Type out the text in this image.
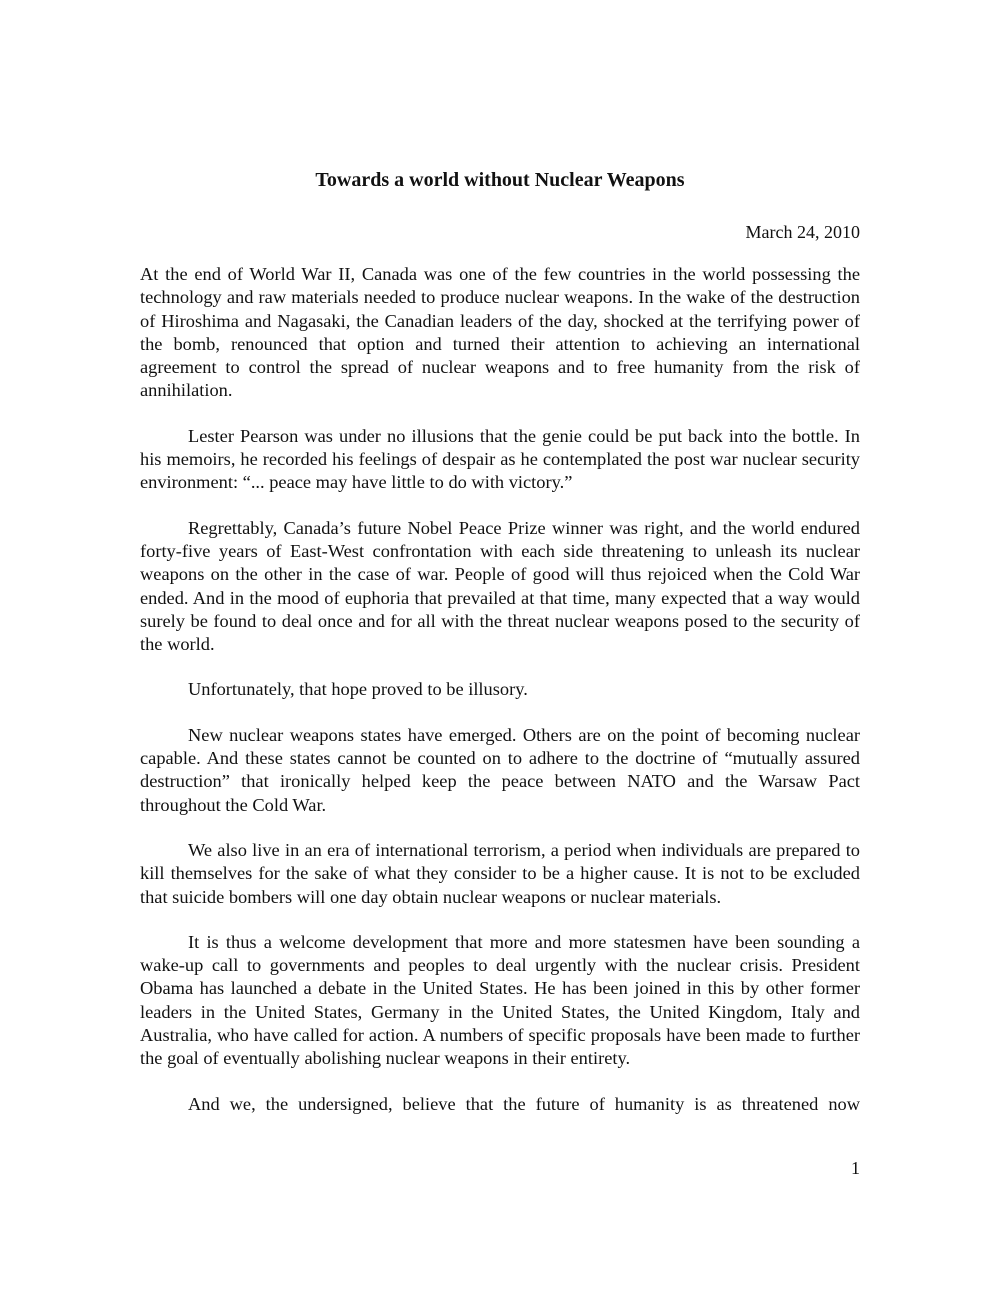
Towards a world without Nuclear Weapons

March 24, 2010

At the end of World War II, Canada was one of the few countries in the world possessing the technology and raw materials needed to produce nuclear weapons. In the wake of the destruction of Hiroshima and Nagasaki, the Canadian leaders of the day, shocked at the terrifying power of the bomb, renounced that option and turned their attention to achieving an international agreement to control the spread of nuclear weapons and to free humanity from the risk of annihilation.

Lester Pearson was under no illusions that the genie could be put back into the bottle. In his memoirs, he recorded his feelings of despair as he contemplated the post war nuclear security environment: “... peace may have little to do with victory.”

Regrettably, Canada’s future Nobel Peace Prize winner was right, and the world endured forty-five years of East-West confrontation with each side threatening to unleash its nuclear weapons on the other in the case of war. People of good will thus rejoiced when the Cold War ended. And in the mood of euphoria that prevailed at that time, many expected that a way would surely be found to deal once and for all with the threat nuclear weapons posed to the security of the world.

Unfortunately, that hope proved to be illusory.

New nuclear weapons states have emerged. Others are on the point of becoming nuclear capable. And these states cannot be counted on to adhere to the doctrine of “mutually assured destruction” that ironically helped keep the peace between NATO and the Warsaw Pact throughout the Cold War.

We also live in an era of international terrorism, a period when individuals are prepared to kill themselves for the sake of what they consider to be a higher cause. It is not to be excluded that suicide bombers will one day obtain nuclear weapons or nuclear materials.

It is thus a welcome development that more and more statesmen have been sounding a wake-up call to governments and peoples to deal urgently with the nuclear crisis. President Obama has launched a debate in the United States. He has been joined in this by other former leaders in the United States, Germany in the United States, the United Kingdom, Italy and Australia, who have called for action. A numbers of specific proposals have been made to further the goal of eventually abolishing nuclear weapons in their entirety.

And we, the undersigned, believe that the future of humanity is as threatened now

1
